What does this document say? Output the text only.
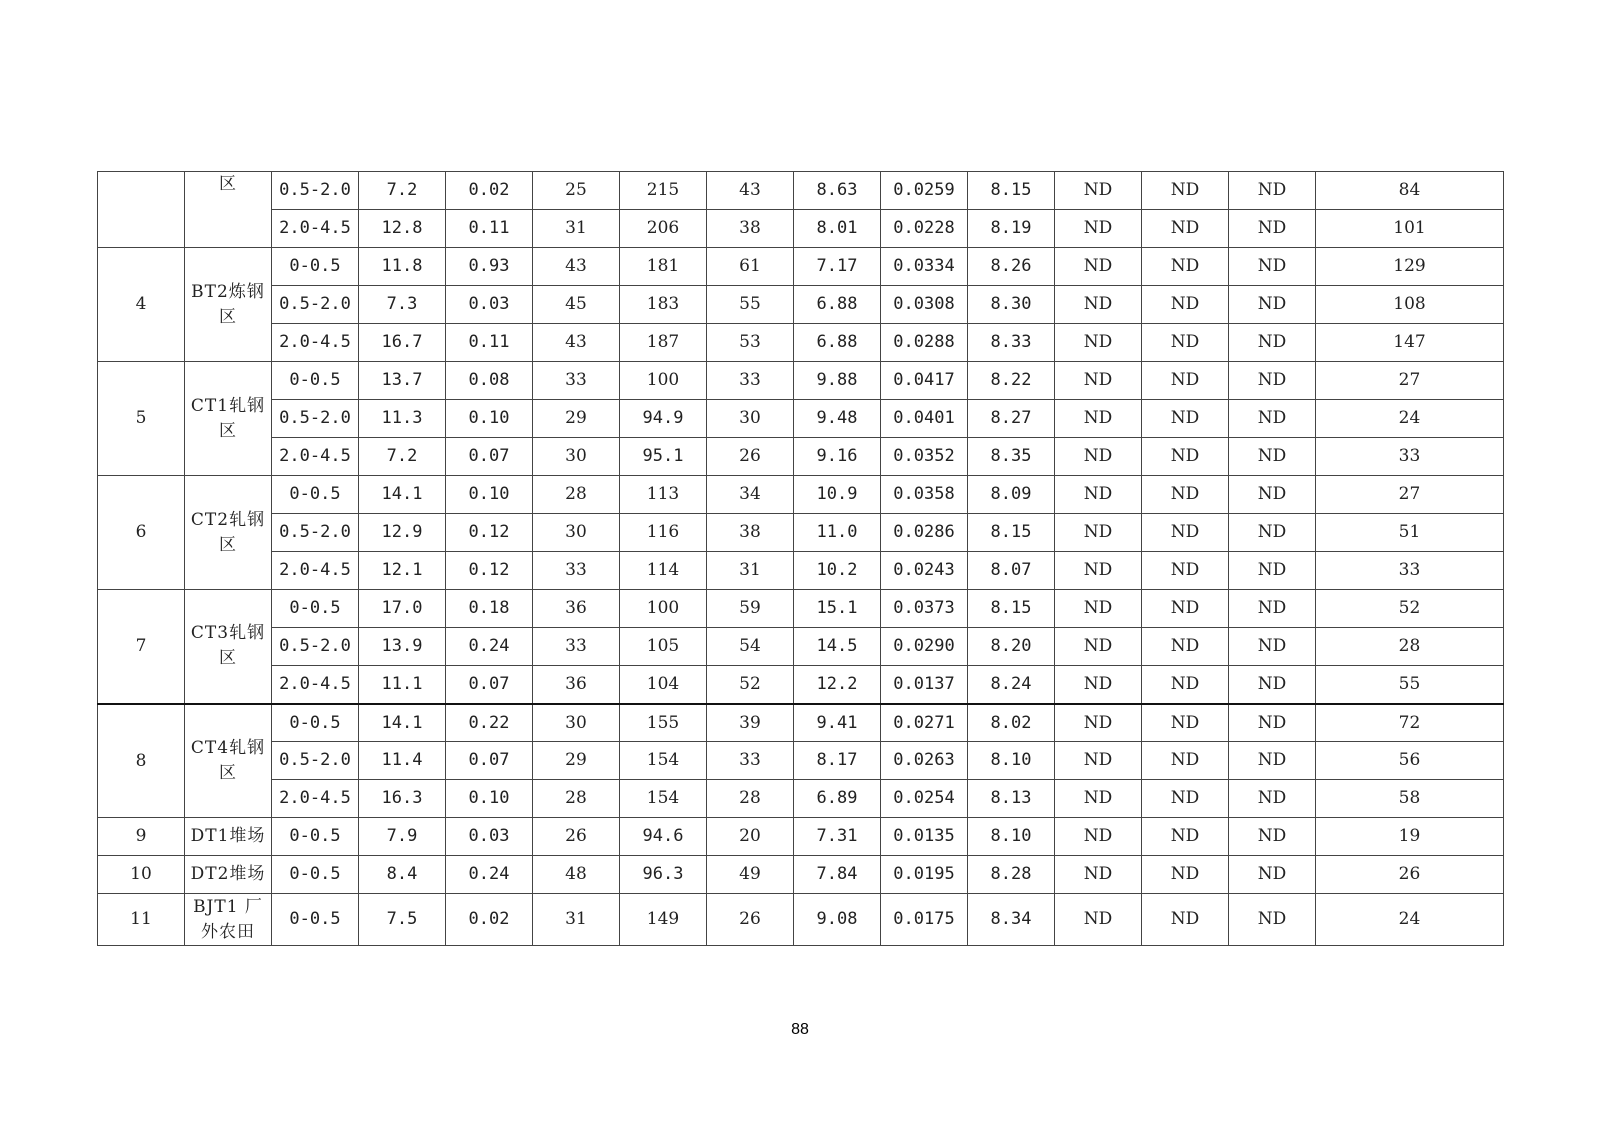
	区	0.5-2.0	7.2	0.02	25	215	43	8.63	0.0259	8.15	ND	ND	ND	84
		2.0-4.5	12.8	0.11	31	206	38	8.01	0.0228	8.19	ND	ND	ND	101
4	BT2炼钢区	0-0.5	11.8	0.93	43	181	61	7.17	0.0334	8.26	ND	ND	ND	129
		0.5-2.0	7.3	0.03	45	183	55	6.88	0.0308	8.30	ND	ND	ND	108
		2.0-4.5	16.7	0.11	43	187	53	6.88	0.0288	8.33	ND	ND	ND	147
5	CT1轧钢区	0-0.5	13.7	0.08	33	100	33	9.88	0.0417	8.22	ND	ND	ND	27
		0.5-2.0	11.3	0.10	29	94.9	30	9.48	0.0401	8.27	ND	ND	ND	24
		2.0-4.5	7.2	0.07	30	95.1	26	9.16	0.0352	8.35	ND	ND	ND	33
6	CT2轧钢区	0-0.5	14.1	0.10	28	113	34	10.9	0.0358	8.09	ND	ND	ND	27
		0.5-2.0	12.9	0.12	30	116	38	11.0	0.0286	8.15	ND	ND	ND	51
		2.0-4.5	12.1	0.12	33	114	31	10.2	0.0243	8.07	ND	ND	ND	33
7	CT3轧钢区	0-0.5	17.0	0.18	36	100	59	15.1	0.0373	8.15	ND	ND	ND	52
		0.5-2.0	13.9	0.24	33	105	54	14.5	0.0290	8.20	ND	ND	ND	28
		2.0-4.5	11.1	0.07	36	104	52	12.2	0.0137	8.24	ND	ND	ND	55
8	CT4轧钢区	0-0.5	14.1	0.22	30	155	39	9.41	0.0271	8.02	ND	ND	ND	72
		0.5-2.0	11.4	0.07	29	154	33	8.17	0.0263	8.10	ND	ND	ND	56
		2.0-4.5	16.3	0.10	28	154	28	6.89	0.0254	8.13	ND	ND	ND	58
9	DT1堆场	0-0.5	7.9	0.03	26	94.6	20	7.31	0.0135	8.10	ND	ND	ND	19
10	DT2堆场	0-0.5	8.4	0.24	48	96.3	49	7.84	0.0195	8.28	ND	ND	ND	26
11	BJT1 厂外农田	0-0.5	7.5	0.02	31	149	26	9.08	0.0175	8.34	ND	ND	ND	24
88
